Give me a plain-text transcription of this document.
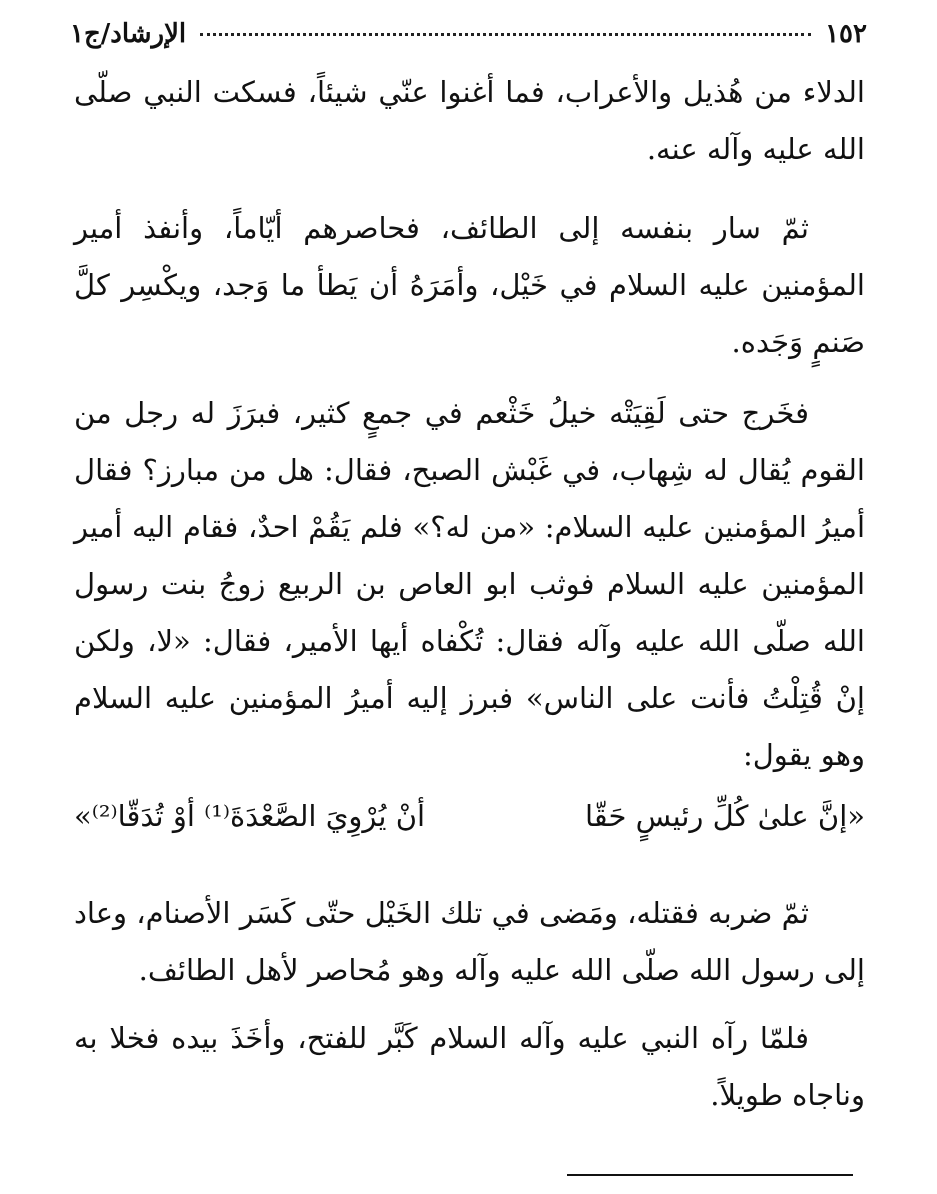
١٥٢
الإرشاد/ج١

الدلاء من هُذيل والأعراب، فما أغنوا عنّي شيئاً، فسكت النبي صلّى الله عليه وآله عنه.

ثمّ سار بنفسه إلى الطائف، فحاصرهم أيّاماً، وأنفذ أمير المؤمنين عليه السلام في خَيْل، وأمَرَهُ أن يَطأ ما وَجد، ويكْسِر كلَّ صَنمٍ وَجَده.

فخَرج حتى لَقِيَتْه خيلُ خَثْعم في جمعٍ كثير، فبرَزَ له رجل من القوم يُقال له شِهاب، في غَبْش الصبح، فقال: هل من مبارز؟ فقال أميرُ المؤمنين عليه السلام: «من له؟» فلم يَقُمْ احدٌ، فقام اليه أمير المؤمنين عليه السلام فوثب ابو العاص بن الربيع زوجُ بنت رسول الله صلّى الله عليه وآله فقال: تُكْفاه أيها الأمير، فقال: «لا، ولكن إنْ قُتِلْتُ فأنت على الناس» فبرز إليه أميرُ المؤمنين عليه السلام وهو يقول:

«إنَّ علىٰ كُلِّ رئيسٍ حَقّا
أنْ يُرْوِيَ الصَّعْدَةَ⁽¹⁾ أوْ تُدَقّا⁽²⁾»

ثمّ ضربه فقتله، ومَضى في تلك الخَيْل حتّى كَسَر الأصنام، وعاد إلى رسول الله صلّى الله عليه وآله وهو مُحاصر لأهل الطائف.

فلمّا رآه النبي عليه وآله السلام كَبَّر للفتح، وأخَذَ بيده فخلا به وناجاه طويلاً.
